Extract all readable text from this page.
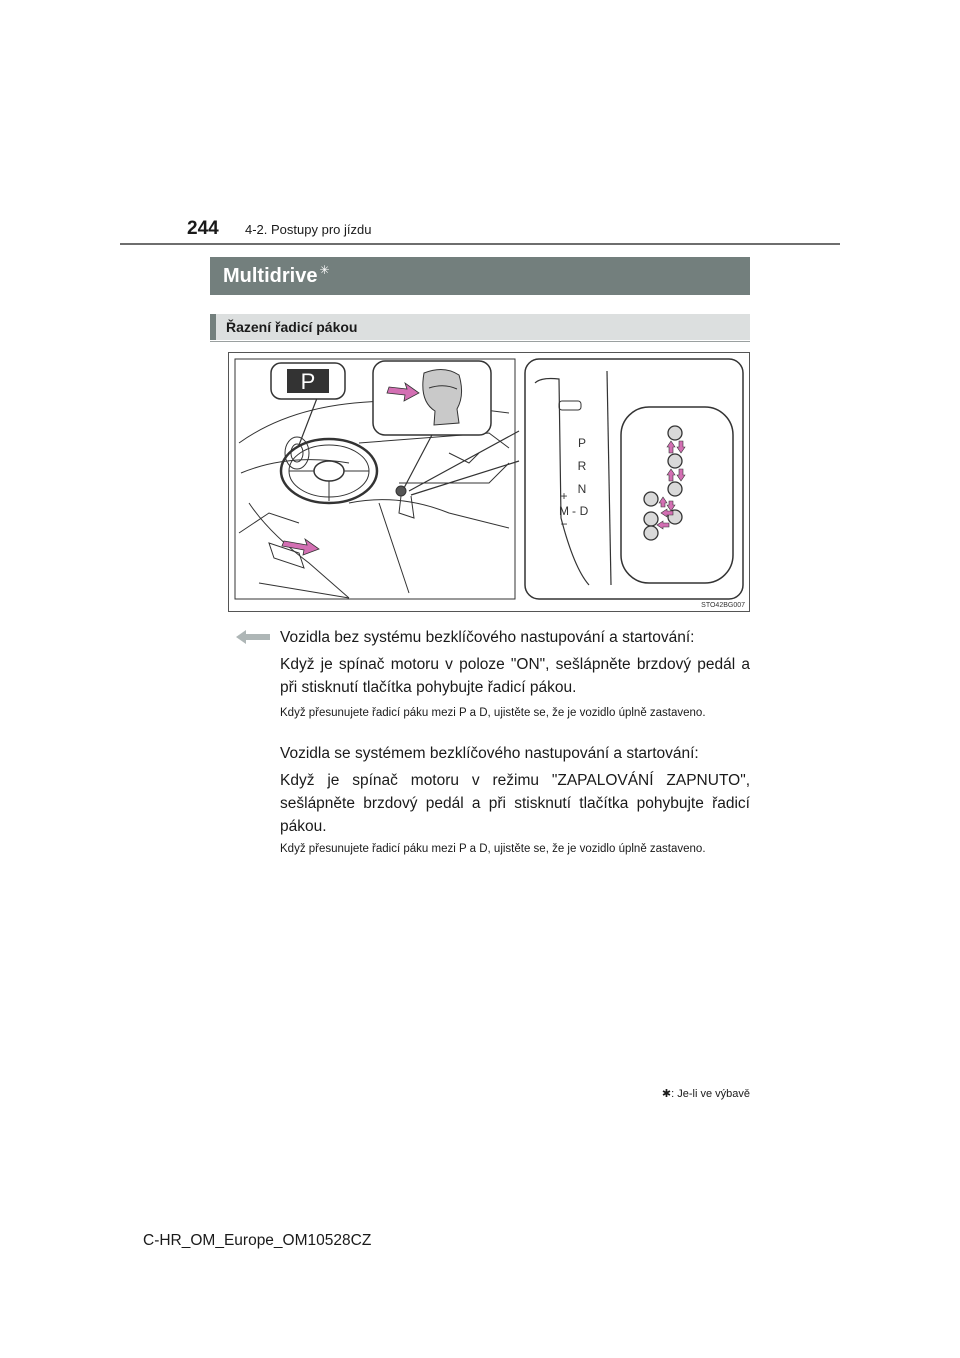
244 4-2. Postupy pro jízdu
Multidrive ✳
Řazení řadicí pákou
P
P
R
N
D
M -
+
−
STO42BG007

Vozidla bez systému bezklíčového nastupování a startování:

Když je spínač motoru v poloze "ON", sešlápněte brzdový pedál a při stisknutí tlačítka pohybujte řadicí pákou.

Když přesunujete řadicí páku mezi P a D, ujistěte se, že je vozidlo úplně zastaveno.

Vozidla se systémem bezklíčového nastupování a startování:

Když je spínač motoru v režimu "ZAPALOVÁNÍ ZAPNUTO", sešlápněte brzdový pedál a při stisknutí tlačítka pohybujte řadicí pákou.

Když přesunujete řadicí páku mezi P a D, ujistěte se, že je vozidlo úplně zastaveno.

✱: Je-li ve výbavě
C-HR_OM_Europe_OM10528CZ
